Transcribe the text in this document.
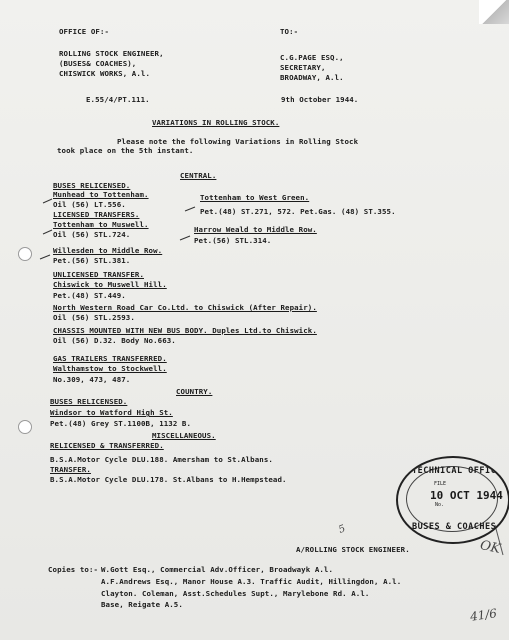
OFFICE OF:-	TO:-
ROLLING STOCK ENGINEER,
(BUSES& COACHES),
CHISWICK WORKS, A.l.
C.G.PAGE ESQ.,
SECRETARY,
BROADWAY, A.l.
E.55/4/PT.111.	9th October 1944.
VARIATIONS IN ROLLING STOCK.
Please note the following Variations in Rolling Stock
took place on the 5th instant.
CENTRAL.
BUSES RELICENSED.
Munhead to Tottenham.
Oil (56) LT.556.
Tottenham to West Green.
Pet.(48) ST.271, 572. Pet.Gas. (48) ST.355.
LICENSED TRANSFERS.
Tottenham to Muswell.
Oil (56) STL.724.
Harrow Weald to Middle Row.
Pet.(56) STL.314.
Willesden to Middle Row.
Pet.(56) STL.381.
UNLICENSED TRANSFER.
Chiswick to Muswell Hill.
Pet.(48) ST.449.
North Western Road Car Co.Ltd. to Chiswick (After Repair).
Oil (56) STL.2593.
CHASSIS MOUNTED WITH NEW BUS BODY. Duples Ltd.to Chiswick.
Oil (56) D.32. Body No.663.
GAS TRAILERS TRANSFERRED.
Walthamstow to Stockwell.
No.309, 473, 487.
COUNTRY.
BUSES RELICENSED.
Windsor to Watford High St.
Pet.(48) Grey ST.1100B, 1132 B.
MISCELLANEOUS.
RELICENSED & TRANSFERRED.
B.S.A.Motor Cycle DLU.188. Amersham to St.Albans.
TRANSFER.
B.S.A.Motor Cycle DLU.178. St.Albans to H.Hempstead.
A/ROLLING STOCK ENGINEER.
Copies to:- W.Gott Esq., Commercial Adv.Officer, Broadwayk A.l.
A.F.Andrews Esq., Manor House A.3. Traffic Audit, Hillingdon, A.l.
Clayton. Coleman, Asst.Schedules Supt., Marylebone Rd. A.l.
Base, Reigate A.5.
TECHNICAL OFFICER
FILE
10 OCT 1944
No.
BUSES & COACHES
5
OK
41/6
